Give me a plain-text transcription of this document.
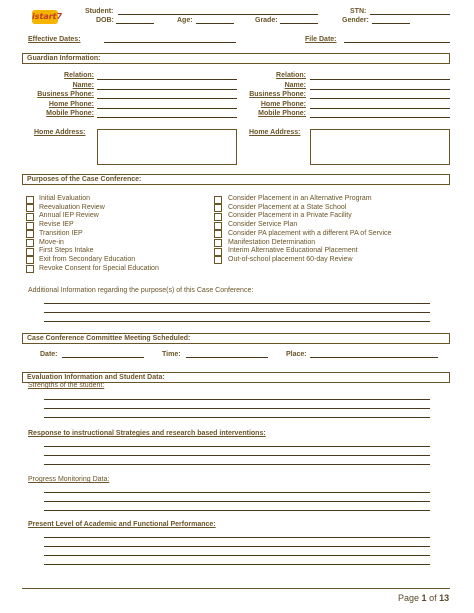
istart7
Student:
DOB:	Age:	Grade:
STN:
Gender:
Effective Dates:	File Date:
Guardian Information:
Relation:
Name:
Business Phone:
Home Phone:
Mobile Phone:
Relation:
Name:
Business Phone:
Home Phone:
Mobile Phone:
Home Address:	Home Address:
Purposes of the Case Conference:
Initial Evaluation
Reevaluation Review
Annual IEP Review
Revise IEP
Transition IEP
Move-in
First Steps Intake
Exit from Secondary Education
Revoke Consent for Special Education
Consider Placement in an Alternative Program
Consider Placement at a State School
Consider Placement in a Private Facility
Consider Service Plan
Consider PA placement with a different PA of Service
Manifestation Determination
Interim Alternative Educational Placement
Out-of-school placement 60-day Review
Additional Information regarding the purpose(s) of this Case Conference:
Case Conference Committee Meeting Scheduled:
Date:	Time:	Place:
Evaluation Information and Student Data:
Strengths of the student:
Response to instructional Strategies and research based interventions:
Progress Monitoring Data:
Present Level of Academic and Functional Performance:
Page 1 of 13
